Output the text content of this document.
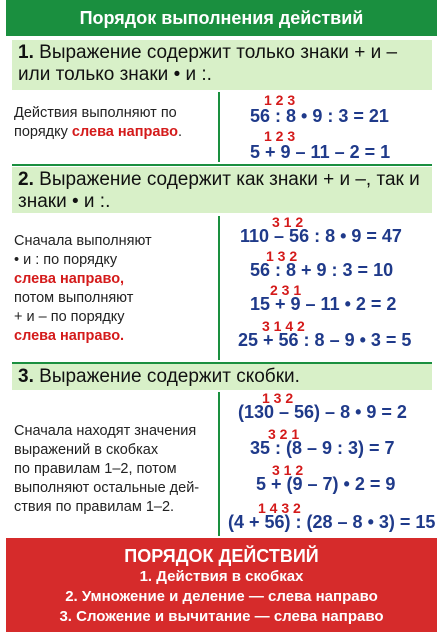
Порядок выполнения действий
1. Выражение содержит только знаки + и – или только знаки • и :.
Действия выполняют по порядку слева направо.
1 2 3
56 : 8 • 9 : 3 = 21
1 2 3
5 + 9 – 11 – 2 = 1
2. Выражение содержит как знаки + и –, так и знаки • и :.
Сначала выполняют
• и : по порядку
слева направо,
потом выполняют
+ и – по порядку
слева направо.
3 1 2
110 – 56 : 8 • 9 = 47
1 3 2
56 : 8 + 9 : 3 = 10
2 3 1
15 + 9 – 11 • 2 = 2
3 1 4 2
25 + 56 : 8 – 9 • 3 = 5
3. Выражение содержит скобки.
Сначала находят значения
выражений в скобках
по правилам 1–2, потом
выполняют остальные дей-
ствия по правилам 1–2.
1 3 2
(130 – 56) – 8 • 9 = 2
3 2 1
35 : (8 – 9 : 3) = 7
3 1 2
5 + (9 – 7) • 2 = 9
1 4 3 2
(4 + 56) : (28 – 8 • 3) = 15
ПОРЯДОК ДЕЙСТВИЙ
1. Действия в скобках
2. Умножение и деление — слева направо
3. Сложение и вычитание — слева направо
